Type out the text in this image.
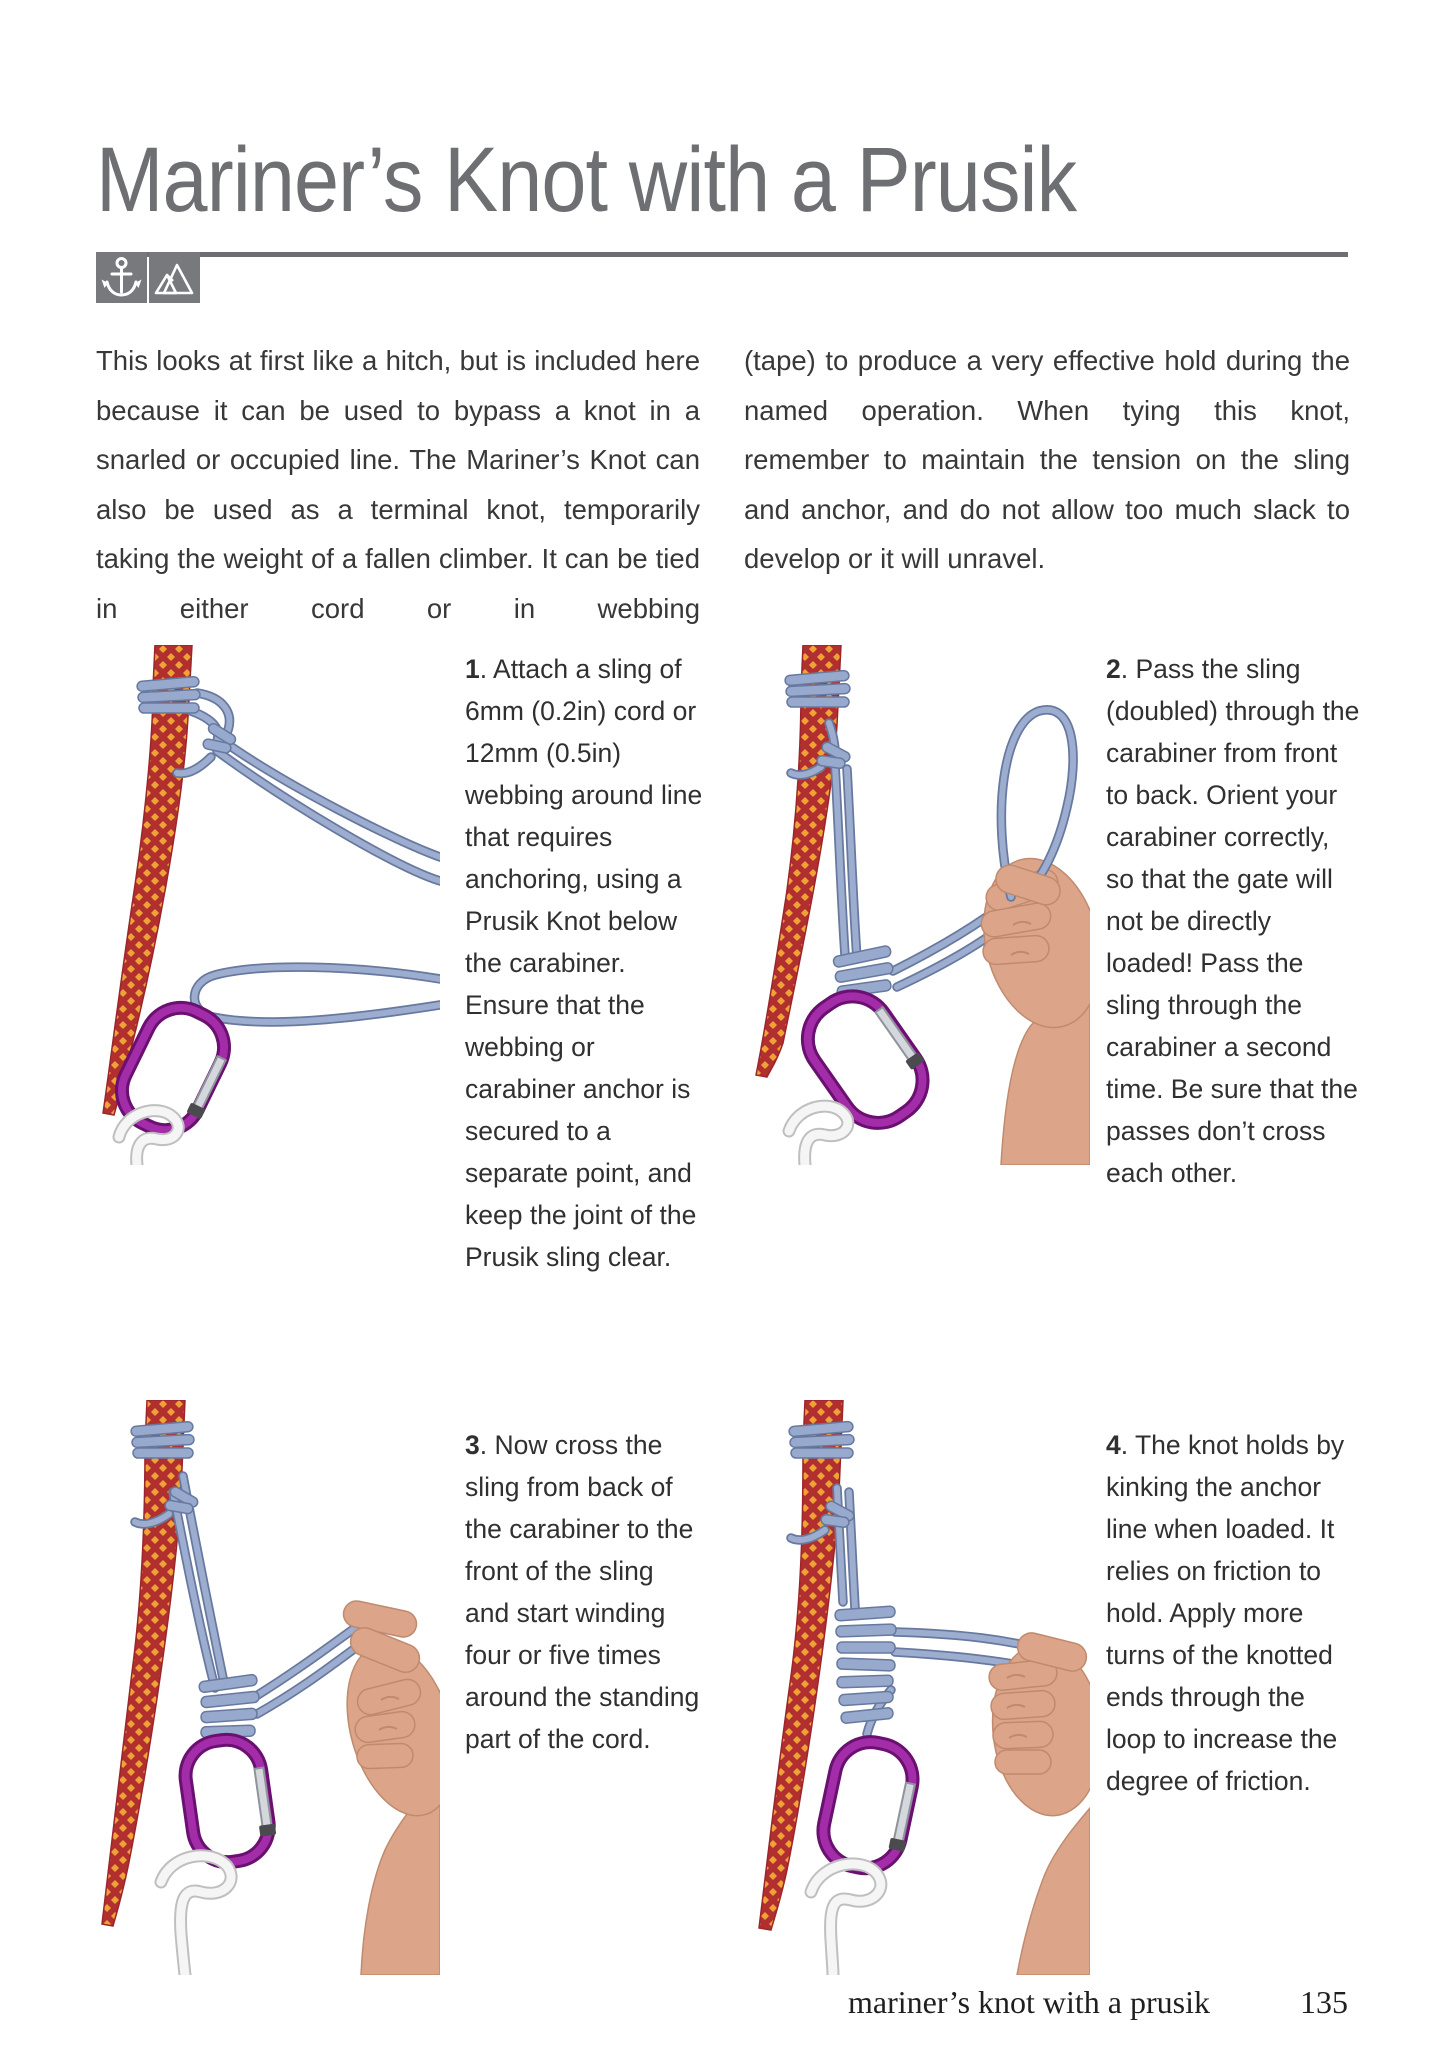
Mariner’s Knot with a Prusik

This looks at first like a hitch, but is included here because it can be used to bypass a knot in a snarled or occupied line. The Mariner’s Knot can also be used as a terminal knot, temporarily taking the weight of a fallen climber. It can be tied in either cord or in webbing

(tape) to produce a very effective hold during the named operation. When tying this knot, remember to maintain the tension on the sling and anchor, and do not allow too much slack to develop or it will unravel.

1. Attach a sling of 6mm (0.2in) cord or 12mm (0.5in) webbing around line that requires anchoring, using a Prusik Knot below the carabiner. Ensure that the webbing or carabiner anchor is secured to a separate point, and keep the joint of the Prusik sling clear.

2. Pass the sling (doubled) through the carabiner from front to back. Orient your carabiner correctly, so that the gate will not be directly loaded! Pass the sling through the carabiner a second time. Be sure that the passes don’t cross each other.

3. Now cross the sling from back of the carabiner to the front of the sling and start winding four or five times around the standing part of the cord.

4. The knot holds by kinking the anchor line when loaded. It relies on friction to hold. Apply more turns of the knotted ends through the loop to increase the degree of friction.

mariner’s knot with a prusik	135
